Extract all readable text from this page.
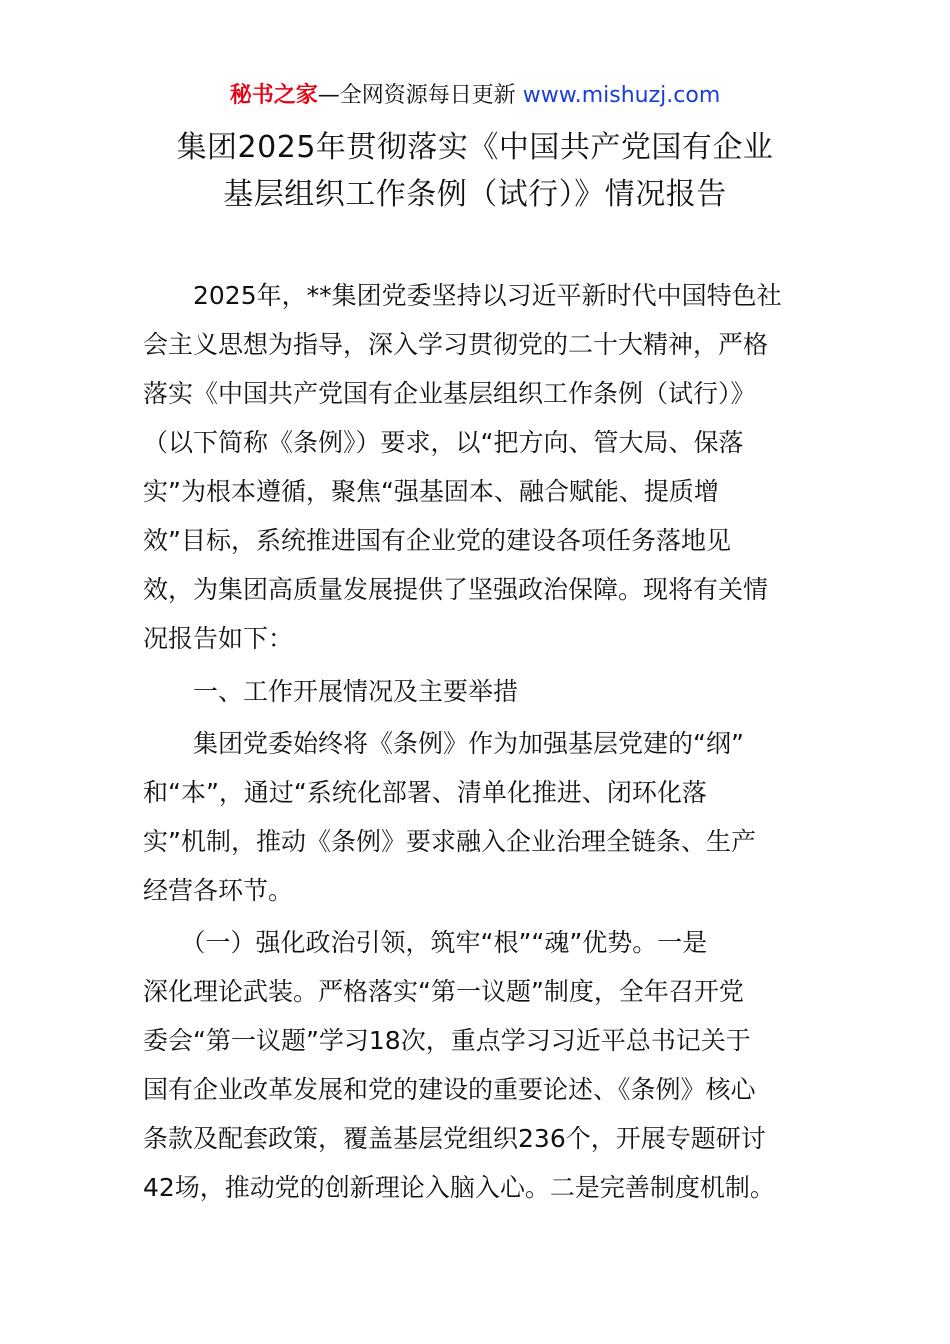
秘书之家—全网资源每日更新 www.mishuzj.com
集团2025年贯彻落实《中国共产党国有企业
基层组织工作条例（试行）》情况报告
　　2025年，**集团党委坚持以习近平新时代中国特色社
会主义思想为指导，深入学习贯彻党的二十大精神，严格
落实《中国共产党国有企业基层组织工作条例（试行）》
（以下简称《条例》）要求，以“把方向、管大局、保落
实”为根本遵循，聚焦“强基固本、融合赋能、提质增
效”目标，系统推进国有企业党的建设各项任务落地见
效，为集团高质量发展提供了坚强政治保障。现将有关情
况报告如下：
　　一、工作开展情况及主要举措
　　集团党委始终将《条例》作为加强基层党建的“纲”
和“本”，通过“系统化部署、清单化推进、闭环化落
实”机制，推动《条例》要求融入企业治理全链条、生产
经营各环节。
　　（一）强化政治引领，筑牢“根”“魂”优势。一是
深化理论武装。严格落实“第一议题”制度，全年召开党
委会“第一议题”学习18次，重点学习习近平总书记关于
国有企业改革发展和党的建设的重要论述、《条例》核心
条款及配套政策，覆盖基层党组织236个，开展专题研讨
42场，推动党的创新理论入脑入心。二是完善制度机制。
